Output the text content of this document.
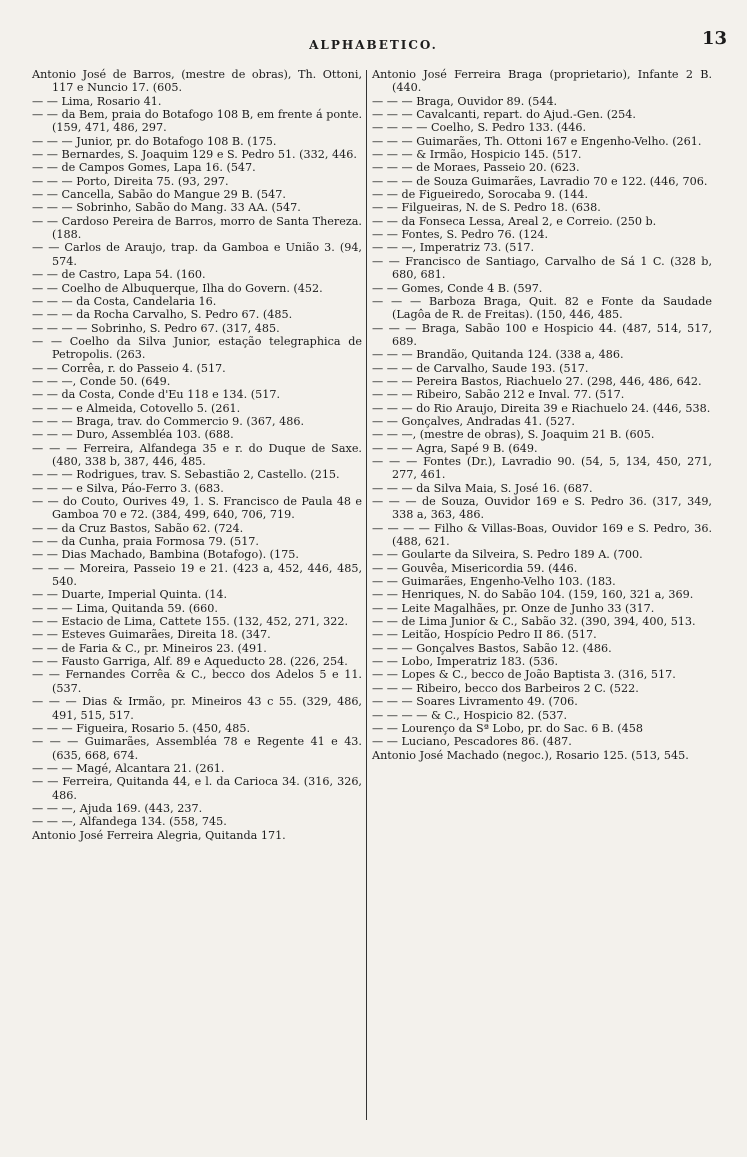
ALPHABETICO.	13

Antonio José de Barros, (mestre de obras), Th. Ottoni, 117 e Nuncio 17. (605.

— — Lima, Rosario 41.

— — da Bem, praia do Botafogo 108 B, em frente á ponte. (159, 471, 486, 297.

— — — Junior, pr. do Botafogo 108 B. (175.

— — Bernardes, S. Joaquim 129 e S. Pedro 51. (332, 446.

— — de Campos Gomes, Lapa 16. (547.

— — — Porto, Direita 75. (93, 297.

— — Cancella, Sabão do Mangue 29 B. (547.

— — — Sobrinho, Sabão do Mang. 33 AA. (547.

— — Cardoso Pereira de Barros, morro de Santa Thereza. (188.

— — Carlos de Araujo, trap. da Gamboa e União 3. (94, 574.

— — de Castro, Lapa 54. (160.

— — Coelho de Albuquerque, Ilha do Govern. (452.

— — — da Costa, Candelaria 16.

— — — da Rocha Carvalho, S. Pedro 67. (485.

— — — — Sobrinho, S. Pedro 67. (317, 485.

— — Coelho da Silva Junior, estação telegraphica de Petropolis. (263.

— — Corrêa, r. do Passeio 4. (517.

— — —, Conde 50. (649.

— — da Costa, Conde d'Eu 118 e 134. (517.

— — — e Almeida, Cotovello 5. (261.

— — — Braga, trav. do Commercio 9. (367, 486.

— — — Duro, Assembléa 103. (688.

— — — Ferreira, Alfandega 35 e r. do Duque de Saxe. (480, 338 b, 387, 446, 485.

— — — Rodrigues, trav. S. Sebastião 2, Castello. (215.

— — — e Silva, Páo-Ferro 3. (683.

— — do Couto, Ourives 49, 1. S. Francisco de Paula 48 e Gamboa 70 e 72. (384, 499, 640, 706, 719.

— — da Cruz Bastos, Sabão 62. (724.

— — da Cunha, praia Formosa 79. (517.

— — Dias Machado, Bambina (Botafogo). (175.

— — — Moreira, Passeio 19 e 21. (423 a, 452, 446, 485, 540.

— — Duarte, Imperial Quinta. (14.

— — — Lima, Quitanda 59. (660.

— — Estacio de Lima, Cattete 155. (132, 452, 271, 322.

— — Esteves Guimarães, Direita 18. (347.

— — de Faria & C., pr. Mineiros 23. (491.

— — Fausto Garriga, Alf. 89 e Aqueducto 28. (226, 254.

— — Fernandes Corrêa & C., becco dos Adelos 5 e 11. (537.

— — — Dias & Irmão, pr. Mineiros 43 c 55. (329, 486, 491, 515, 517.

— — — Figueira, Rosario 5. (450, 485.

— — — Guimarães, Assembléa 78 e Regente 41 e 43. (635, 668, 674.

— — — Magé, Alcantara 21. (261.

— — Ferreira, Quitanda 44, e l. da Carioca 34. (316, 326, 486.

— — —, Ajuda 169. (443, 237.

— — —, Alfandega 134. (558, 745.

Antonio José Ferreira Alegria, Quitanda 171.

Antonio José Ferreira Braga (proprietario), Infante 2 B. (440.

— — — Braga, Ouvidor 89. (544.

— — — Cavalcanti, repart. do Ajud.-Gen. (254.

— — — — Coelho, S. Pedro 133. (446.

— — — Guimarães, Th. Ottoni 167 e Engenho-Velho. (261.

— — — & Irmão, Hospicio 145. (517.

— — — de Moraes, Passeio 20. (623.

— — — de Souza Guimarães, Lavradio 70 e 122. (446, 706.

— — de Figueiredo, Sorocaba 9. (144.

— — Filgueiras, N. de S. Pedro 18. (638.

— — da Fonseca Lessa, Areal 2, e Correio. (250 b.

— — Fontes, S. Pedro 76. (124.

— — —, Imperatriz 73. (517.

— — Francisco de Santiago, Carvalho de Sá 1 C. (328 b, 680, 681.

— — Gomes, Conde 4 B. (597.

— — — Barboza Braga, Quit. 82 e Fonte da Saudade (Lagôa de R. de Freitas). (150, 446, 485.

— — — Braga, Sabão 100 e Hospicio 44. (487, 514, 517, 689.

— — — Brandão, Quitanda 124. (338 a, 486.

— — — de Carvalho, Saude 193. (517.

— — — Pereira Bastos, Riachuelo 27. (298, 446, 486, 642.

— — — Ribeiro, Sabão 212 e Inval. 77. (517.

— — — do Rio Araujo, Direita 39 e Riachuelo 24. (446, 538.

— — Gonçalves, Andradas 41. (527.

— — —, (mestre de obras), S. Joaquim 21 B. (605.

— — — Agra, Sapé 9 B. (649.

— — — Fontes (Dr.), Lavradio 90. (54, 5, 134, 450, 271, 277, 461.

— — — da Silva Maia, S. José 16. (687.

— — — de Souza, Ouvidor 169 e S. Pedro 36. (317, 349, 338 a, 363, 486.

— — — — Filho & Villas-Boas, Ouvidor 169 e S. Pedro, 36. (488, 621.

— — Goularte da Silveira, S. Pedro 189 A. (700.

— — Gouvêa, Misericordia 59. (446.

— — Guimarães, Engenho-Velho 103. (183.

— — Henriques, N. do Sabão 104. (159, 160, 321 a, 369.

— — Leite Magalhães, pr. Onze de Junho 33 (317.

— — de Lima Junior & C., Sabão 32. (390, 394, 400, 513.

— — Leitão, Hospício Pedro II 86. (517.

— — — Gonçalves Bastos, Sabão 12. (486.

— — Lobo, Imperatriz 183. (536.

— — Lopes & C., becco de João Baptista 3. (316, 517.

— — — Ribeiro, becco dos Barbeiros 2 C. (522.

— — — Soares Livramento 49. (706.

— — — — & C., Hospicio 82. (537.

— — Lourenço da Sª Lobo, pr. do Sac. 6 B. (458

— — Luciano, Pescadores 86. (487.

Antonio José Machado (negoc.), Rosario 125. (513, 545.
